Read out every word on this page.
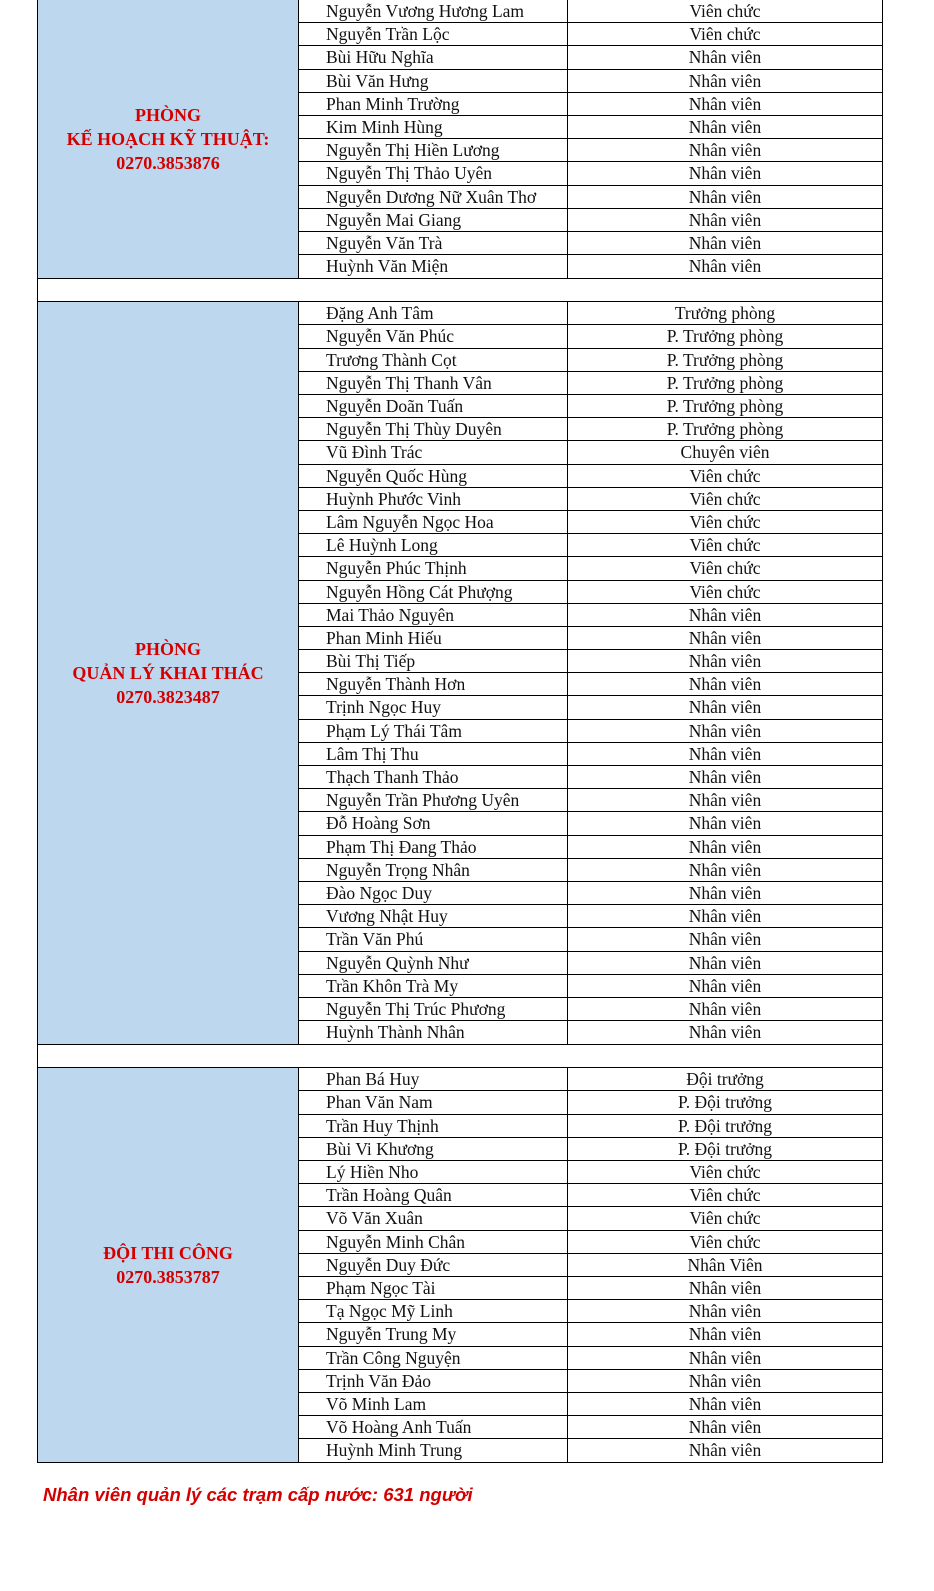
PHÒNG
KẾ HOẠCH KỸ THUẬT:
0270.3853876
Nguyễn Vương Hương Lam	Viên chức
Nguyễn Trần Lộc	Viên chức
Bùi Hữu Nghĩa	Nhân viên
Bùi Văn Hưng	Nhân viên
Phan Minh Trường	Nhân viên
Kim Minh Hùng	Nhân viên
Nguyễn Thị Hiền Lương	Nhân viên
Nguyễn Thị Thảo Uyên	Nhân viên
Nguyễn Dương Nữ Xuân Thơ	Nhân viên
Nguyễn Mai Giang	Nhân viên
Nguyễn Văn Trà	Nhân viên
Huỳnh Văn Miện	Nhân viên
PHÒNG
QUẢN LÝ KHAI THÁC
0270.3823487
Đặng Anh Tâm	Trưởng phòng
Nguyễn Văn Phúc	P. Trưởng phòng
Trương Thành Cọt	P. Trưởng phòng
Nguyễn Thị Thanh Vân	P. Trưởng phòng
Nguyễn Doãn Tuấn	P. Trưởng phòng
Nguyễn Thị Thùy Duyên	P. Trưởng phòng
Vũ Đình Trác	Chuyên viên
Nguyễn Quốc Hùng	Viên chức
Huỳnh Phước Vinh	Viên chức
Lâm Nguyễn Ngọc Hoa	Viên chức
Lê Huỳnh Long	Viên chức
Nguyễn Phúc Thịnh	Viên chức
Nguyễn Hồng Cát Phượng	Viên chức
Mai Thảo Nguyên	Nhân viên
Phan Minh Hiếu	Nhân viên
Bùi Thị Tiếp	Nhân viên
Nguyễn Thành Hơn	Nhân viên
Trịnh Ngọc Huy	Nhân viên
Phạm Lý Thái Tâm	Nhân viên
Lâm Thị Thu	Nhân viên
Thạch Thanh Thảo	Nhân viên
Nguyễn Trần Phương Uyên	Nhân viên
Đỗ Hoàng Sơn	Nhân viên
Phạm Thị Đang Thảo	Nhân viên
Nguyễn Trọng Nhân	Nhân viên
Đào Ngọc Duy	Nhân viên
Vương Nhật Huy	Nhân viên
Trần Văn Phú	Nhân viên
Nguyễn Quỳnh Như	Nhân viên
Trần Khôn Trà My	Nhân viên
Nguyễn Thị Trúc Phương	Nhân viên
Huỳnh Thành Nhân	Nhân viên
ĐỘI THI CÔNG
0270.3853787
Phan Bá Huy	Đội trưởng
Phan Văn Nam	P. Đội trưởng
Trần Huy Thịnh	P. Đội trưởng
Bùi Vi Khương	P. Đội trưởng
Lý Hiền Nho	Viên chức
Trần Hoàng Quân	Viên chức
Võ Văn Xuân	Viên chức
Nguyễn Minh Chân	Viên chức
Nguyễn Duy Đức	Nhân Viên
Phạm Ngọc Tài	Nhân viên
Tạ Ngọc Mỹ Linh	Nhân viên
Nguyễn Trung My	Nhân viên
Trần Công Nguyện	Nhân viên
Trịnh Văn Đảo	Nhân viên
Võ Minh Lam	Nhân viên
Võ Hoàng Anh Tuấn	Nhân viên
Huỳnh Minh Trung	Nhân viên
Nhân viên quản lý các trạm cấp nước: 631 người
